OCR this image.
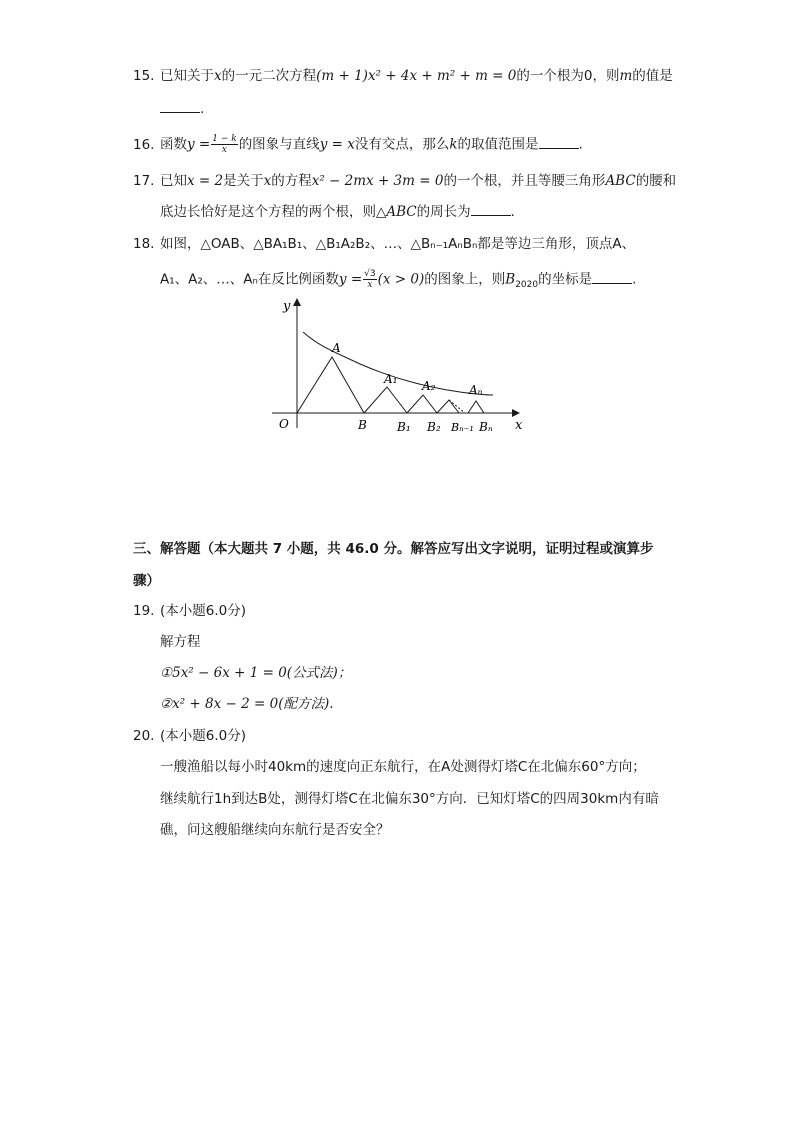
15. 已知关于x的一元二次方程(m + 1)x² + 4x + m² + m = 0的一个根为0，则m的值是
.
16. 函数$y = \frac{1 - k}{x}$ 的图象与直线y = x没有交点，那么k的取值范围是	.
17. 已知x = 2是关于x的方程x² − 2mx + 3m = 0的一个根，并且等腰三角形ABC的腰和
底边长恰好是这个方程的两个根，则△ABC的周长为	.
18. 如图，△OAB、△BA₁B₁、△B₁A₂B₂、…、△Bₙ₋₁AₙBₙ都是等边三角形，顶点A、
A₁、A₂、…、Aₙ在反比例函数$y = \frac{√3}{x} (x > 0)$的图象上，则$B_{2020}$的坐标是	.
y
x
O
A
A₁ A₂	Aₙ
B	B₁ B₂ Bₙ₋₁ Bₙ
三、解答题（本大题共 7 小题，共 46.0 分。解答应写出文字说明，证明过程或演算步
骤）
19. (本小题6.0分)
解方程
①5x² − 6x + 1 = 0(公式法)；
②x² + 8x − 2 = 0(配方法).
20. (本小题6.0分)
一艘渔船以每小时40km的速度向正东航行，在A处测得灯塔C在北偏东60°方向；
继续航行1h到达B处，测得灯塔C在北偏东30°方向．已知灯塔C的四周30km内有暗
礁，问这艘船继续向东航行是否安全？
